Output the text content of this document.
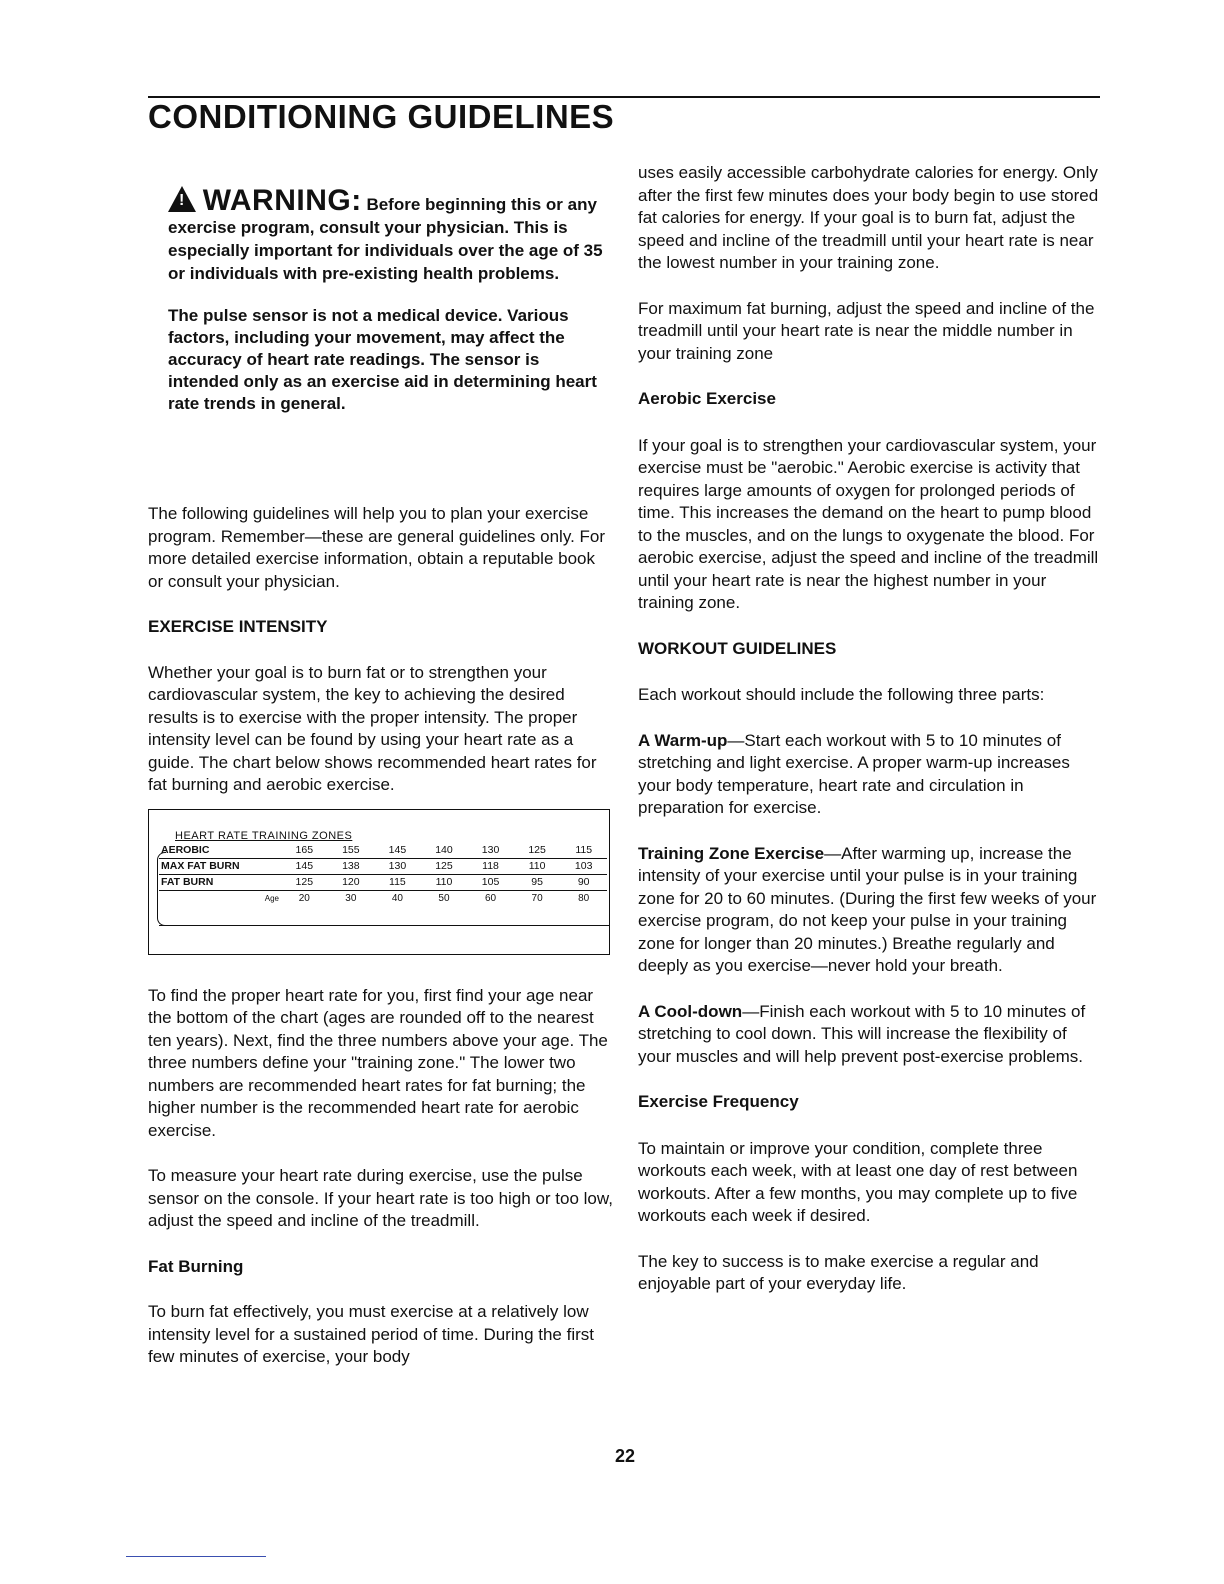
CONDITIONING GUIDELINES
! WARNING: Before beginning this or any exercise program, consult your physician. This is especially important for individuals over the age of 35 or individuals with pre-existing health problems.
The pulse sensor is not a medical device. Various factors, including your movement, may affect the accuracy of heart rate readings. The sensor is intended only as an exercise aid in determining heart rate trends in general.

The following guidelines will help you to plan your exercise program. Remember—these are general guidelines only. For more detailed exercise information, obtain a reputable book or consult your physician.

EXERCISE INTENSITY

Whether your goal is to burn fat or to strengthen your cardiovascular system, the key to achieving the desired results is to exercise with the proper intensity. The proper intensity level can be found by using your heart rate as a guide. The chart below shows recommended heart rates for fat burning and aerobic exercise.

HEART RATE TRAINING ZONES
AEROBIC	165	155	145	140	130	125	115
MAX FAT BURN	145	138	130	125	118	110	103
FAT BURN	125	120	115	110	105	95	90
Age	20	30	40	50	60	70	80

To find the proper heart rate for you, first find your age near the bottom of the chart (ages are rounded off to the nearest ten years). Next, find the three numbers above your age. The three numbers define your "training zone." The lower two numbers are recommended heart rates for fat burning; the higher number is the recommended heart rate for aerobic exercise.

To measure your heart rate during exercise, use the pulse sensor on the console. If your heart rate is too high or too low, adjust the speed and incline of the treadmill.

Fat Burning

To burn fat effectively, you must exercise at a relatively low intensity level for a sustained period of time. During the first few minutes of exercise, your body

uses easily accessible carbohydrate calories for energy. Only after the first few minutes does your body begin to use stored fat calories for energy. If your goal is to burn fat, adjust the speed and incline of the treadmill until your heart rate is near the lowest number in your training zone.

For maximum fat burning, adjust the speed and incline of the treadmill until your heart rate is near the middle number in your training zone

Aerobic Exercise

If your goal is to strengthen your cardiovascular system, your exercise must be "aerobic." Aerobic exercise is activity that requires large amounts of oxygen for prolonged periods of time. This increases the demand on the heart to pump blood to the muscles, and on the lungs to oxygenate the blood. For aerobic exercise, adjust the speed and incline of the treadmill until your heart rate is near the highest number in your training zone.

WORKOUT GUIDELINES

Each workout should include the following three parts:

A Warm-up—Start each workout with 5 to 10 minutes of stretching and light exercise. A proper warm-up increases your body temperature, heart rate and circulation in preparation for exercise.

Training Zone Exercise—After warming up, increase the intensity of your exercise until your pulse is in your training zone for 20 to 60 minutes. (During the first few weeks of your exercise program, do not keep your pulse in your training zone for longer than 20 minutes.) Breathe regularly and deeply as you exercise—never hold your breath.

A Cool-down—Finish each workout with 5 to 10 minutes of stretching to cool down. This will increase the flexibility of your muscles and will help prevent post-exercise problems.

Exercise Frequency

To maintain or improve your condition, complete three workouts each week, with at least one day of rest between workouts. After a few months, you may complete up to five workouts each week if desired.

The key to success is to make exercise a regular and enjoyable part of your everyday life.

22
